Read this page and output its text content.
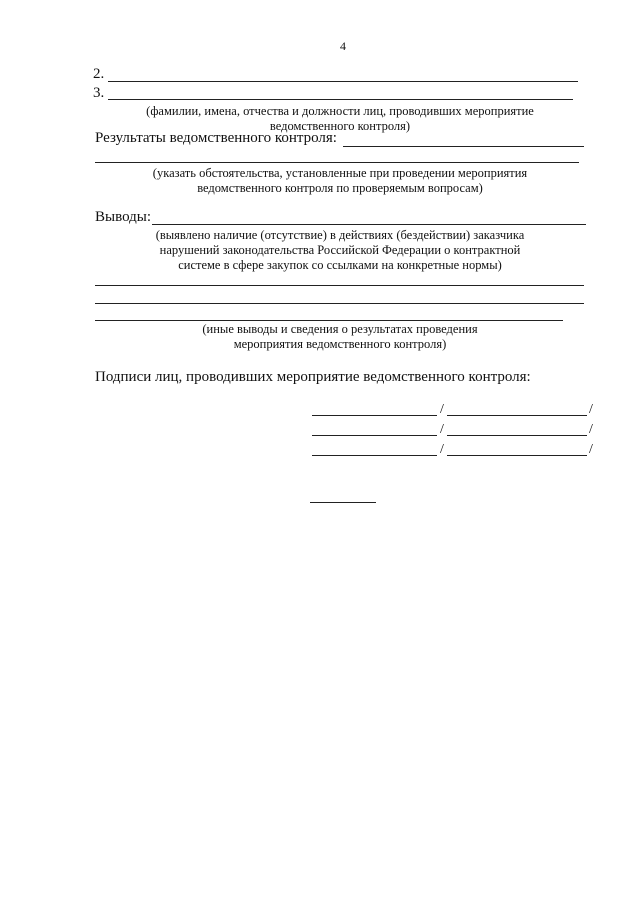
4
2.
3.
(фамилии, имена, отчества и должности лиц, проводивших мероприятие
ведомственного контроля)
Результаты ведомственного контроля:
(указать обстоятельства, установленные при проведении мероприятия
ведомственного контроля по проверяемым вопросам)
Выводы:
(выявлено наличие (отсутствие) в действиях (бездействии) заказчика
нарушений законодательства Российской Федерации о контрактной
системе в сфере закупок со ссылками на конкретные нормы)
(иные выводы и сведения о результатах проведения
мероприятия ведомственного контроля)
Подписи лиц, проводивших мероприятие ведомственного контроля:
/	/
/	/
/	/
